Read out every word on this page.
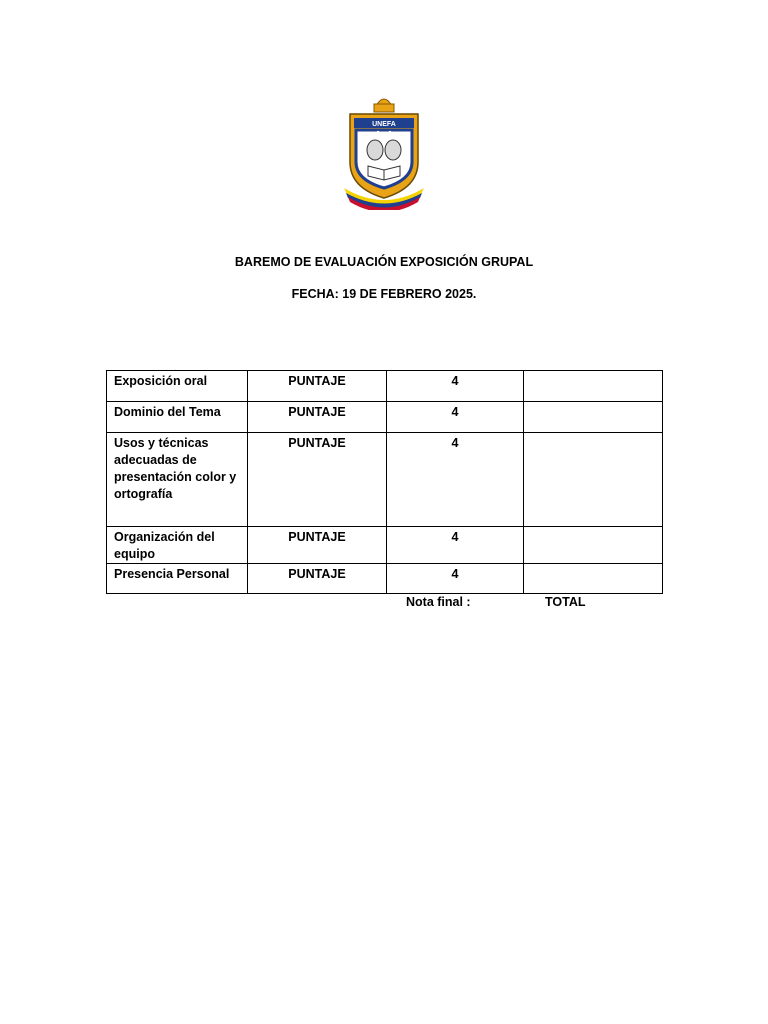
UNEFA
BAREMO DE EVALUACIÓN EXPOSICIÓN GRUPAL
FECHA: 19 DE FEBRERO 2025.
Exposición oral	PUNTAJE	4	
Dominio del Tema	PUNTAJE	4	
Usos y técnicas adecuadas de presentación color y ortografía	PUNTAJE	4	
Organización del equipo	PUNTAJE	4	
Presencia Personal	PUNTAJE	4	
Nota final :	TOTAL
